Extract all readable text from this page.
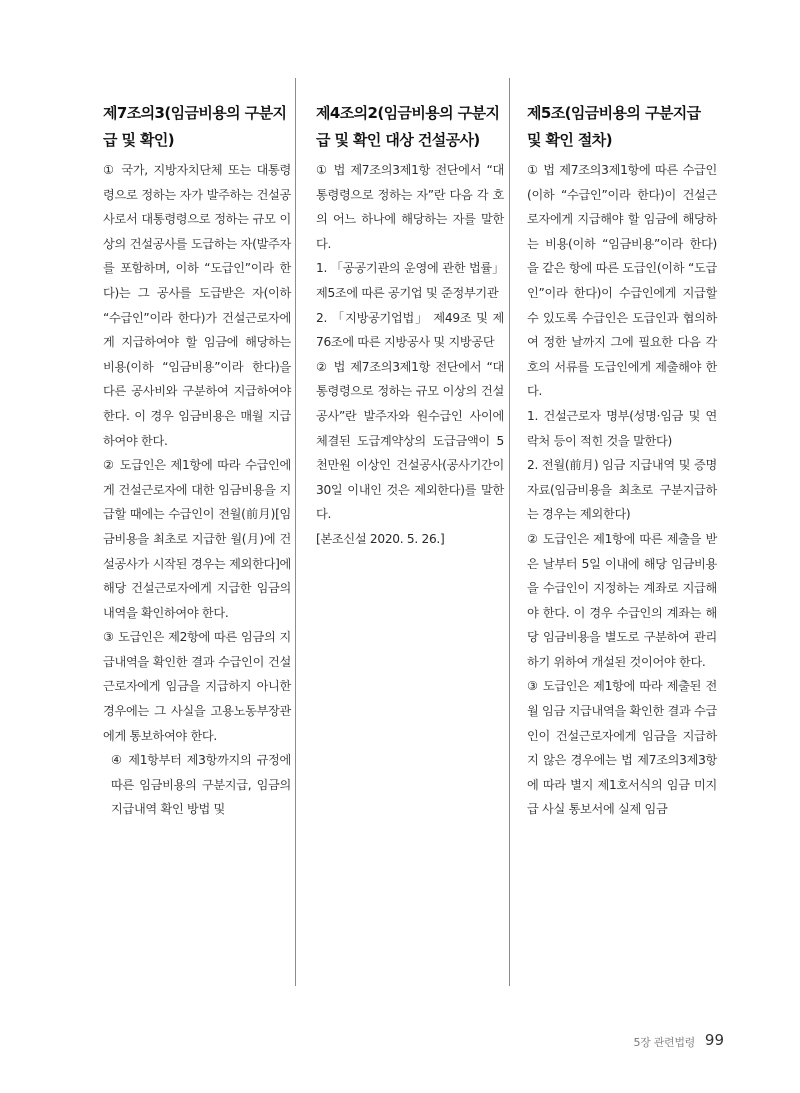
제7조의3(임금비용의 구분지급 및 확인)

① 국가, 지방자치단체 또는 대통령령으로 정하는 자가 발주하는 건설공사로서 대통령령으로 정하는 규모 이상의 건설공사를 도급하는 자(발주자를 포함하며, 이하 “도급인”이라 한다)는 그 공사를 도급받은 자(이하 “수급인”이라 한다)가 건설근로자에게 지급하여야 할 임금에 해당하는 비용(이하 “임금비용”이라 한다)을 다른 공사비와 구분하여 지급하여야 한다. 이 경우 임금비용은 매월 지급하여야 한다.

② 도급인은 제1항에 따라 수급인에게 건설근로자에 대한 임금비용을 지급할 때에는 수급인이 전월(前月)[임금비용을 최초로 지급한 월(月)에 건설공사가 시작된 경우는 제외한다]에 해당 건설근로자에게 지급한 임금의 내역을 확인하여야 한다.

③ 도급인은 제2항에 따른 임금의 지급내역을 확인한 결과 수급인이 건설근로자에게 임금을 지급하지 아니한 경우에는 그 사실을 고용노동부장관에게 통보하여야 한다.

④ 제1항부터 제3항까지의 규정에 따른 임금비용의 구분지급, 임금의 지급내역 확인 방법 및

제4조의2(임금비용의 구분지급 및 확인 대상 건설공사)

① 법 제7조의3제1항 전단에서 “대통령령으로 정하는 자”란 다음 각 호의 어느 하나에 해당하는 자를 말한다.

1. 「공공기관의 운영에 관한 법률」 제5조에 따른 공기업 및 준정부기관

2. 「지방공기업법」 제49조 및 제76조에 따른 지방공사 및 지방공단

② 법 제7조의3제1항 전단에서 “대통령령으로 정하는 규모 이상의 건설공사”란 발주자와 원수급인 사이에 체결된 도급계약상의 도급금액이 5천만원 이상인 건설공사(공사기간이 30일 이내인 것은 제외한다)를 말한다.

[본조신설 2020. 5. 26.]

제5조(임금비용의 구분지급 및 확인 절차)

① 법 제7조의3제1항에 따른 수급인(이하 “수급인”이라 한다)이 건설근로자에게 지급해야 할 임금에 해당하는 비용(이하 “임금비용”이라 한다)을 같은 항에 따른 도급인(이하 “도급인”이라 한다)이 수급인에게 지급할 수 있도록 수급인은 도급인과 협의하여 정한 날까지 그에 필요한 다음 각 호의 서류를 도급인에게 제출해야 한다.

1. 건설근로자 명부(성명·임금 및 연락처 등이 적힌 것을 말한다)

2. 전월(前月) 임금 지급내역 및 증명자료(임금비용을 최초로 구분지급하는 경우는 제외한다)

② 도급인은 제1항에 따른 제출을 받은 날부터 5일 이내에 해당 임금비용을 수급인이 지정하는 계좌로 지급해야 한다. 이 경우 수급인의 계좌는 해당 임금비용을 별도로 구분하여 관리하기 위하여 개설된 것이어야 한다.

③ 도급인은 제1항에 따라 제출된 전월 임금 지급내역을 확인한 결과 수급인이 건설근로자에게 임금을 지급하지 않은 경우에는 법 제7조의3제3항에 따라 별지 제1호서식의 임금 미지급 사실 통보서에 실제 임금

5장 관련법령 99
